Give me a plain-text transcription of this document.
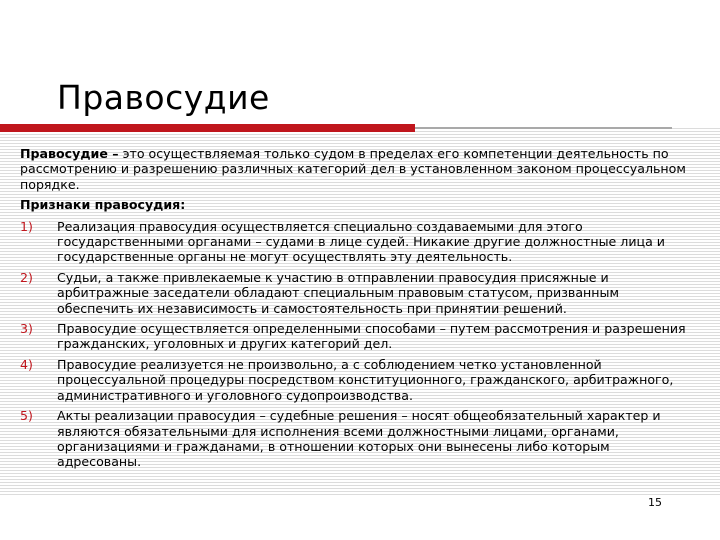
Правосудие

Правосудие – это осуществляемая только судом в пределах его компетенции деятельность по рассмотрению и разрешению различных категорий дел в установленном законом процессуальном порядке.

Признаки правосудия:

1)	Реализация правосудия осуществляется специально создаваемыми для этого государственными органами – судами в лице судей. Никакие другие должностные лица и государственные органы не могут осуществлять эту деятельность.
2)	Судьи, а также привлекаемые к участию в отправлении правосудия присяжные и арбитражные заседатели обладают специальным правовым статусом, призванным обеспечить их независимость и самостоятельность при принятии решений.
3)	Правосудие осуществляется определенными способами – путем рассмотрения и разрешения гражданских, уголовных и других категорий дел.
4)	Правосудие реализуется не произвольно, а с соблюдением четко установленной процессуальной процедуры посредством конституционного, гражданского, арбитражного, административного и уголовного судопроизводства.
5)	Акты реализации правосудия – судебные решения – носят общеобязательный характер и являются обязательными для исполнения всеми должностными лицами, органами, организациями и гражданами, в отношении которых они вынесены либо которым адресованы.
15
